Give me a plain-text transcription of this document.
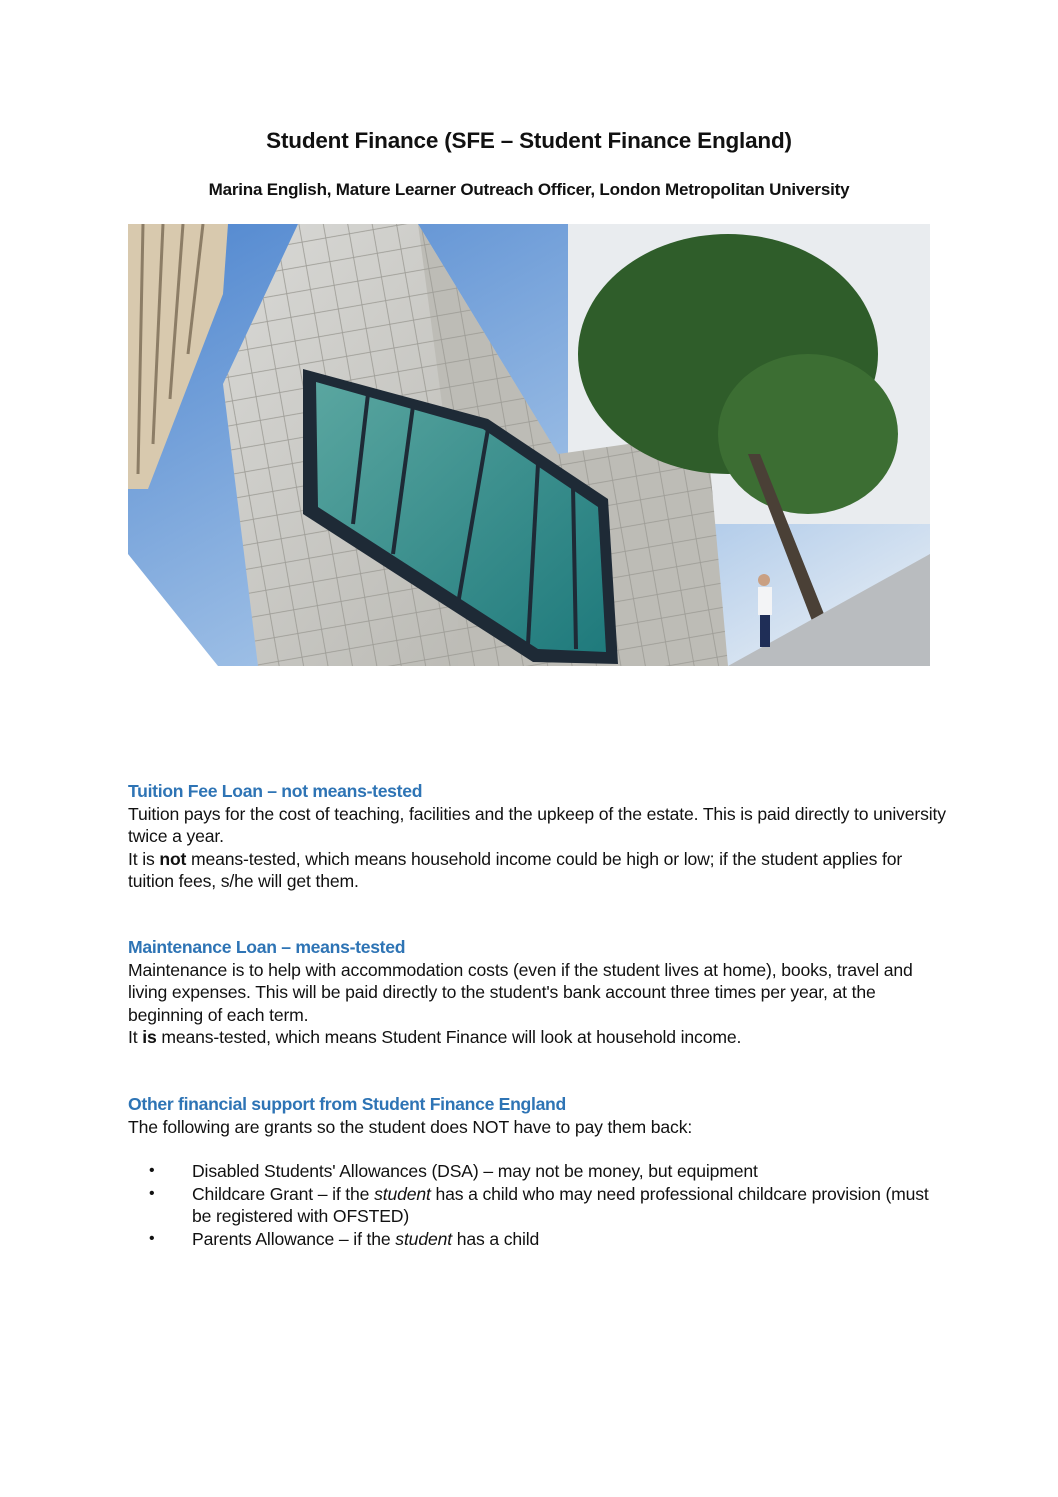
Student Finance (SFE – Student Finance England)
Marina English, Mature Learner Outreach Officer, London Metropolitan University
Tuition Fee Loan – not means-tested

Tuition pays for the cost of teaching, facilities and the upkeep of the estate. This is paid directly to university twice a year.

It is not means-tested, which means household income could be high or low; if the student applies for tuition fees, s/he will get them.

Maintenance Loan – means-tested

Maintenance is to help with accommodation costs (even if the student lives at home), books, travel and living expenses. This will be paid directly to the student's bank account three times per year, at the beginning of each term.

It is means-tested, which means Student Finance will look at household income.

Other financial support from Student Finance England

The following are grants so the student does NOT have to pay them back:

• Disabled Students' Allowances (DSA) – may not be money, but equipment
• Childcare Grant – if the student has a child who may need professional childcare provision (must be registered with OFSTED)
• Parents Allowance – if the student has a child
